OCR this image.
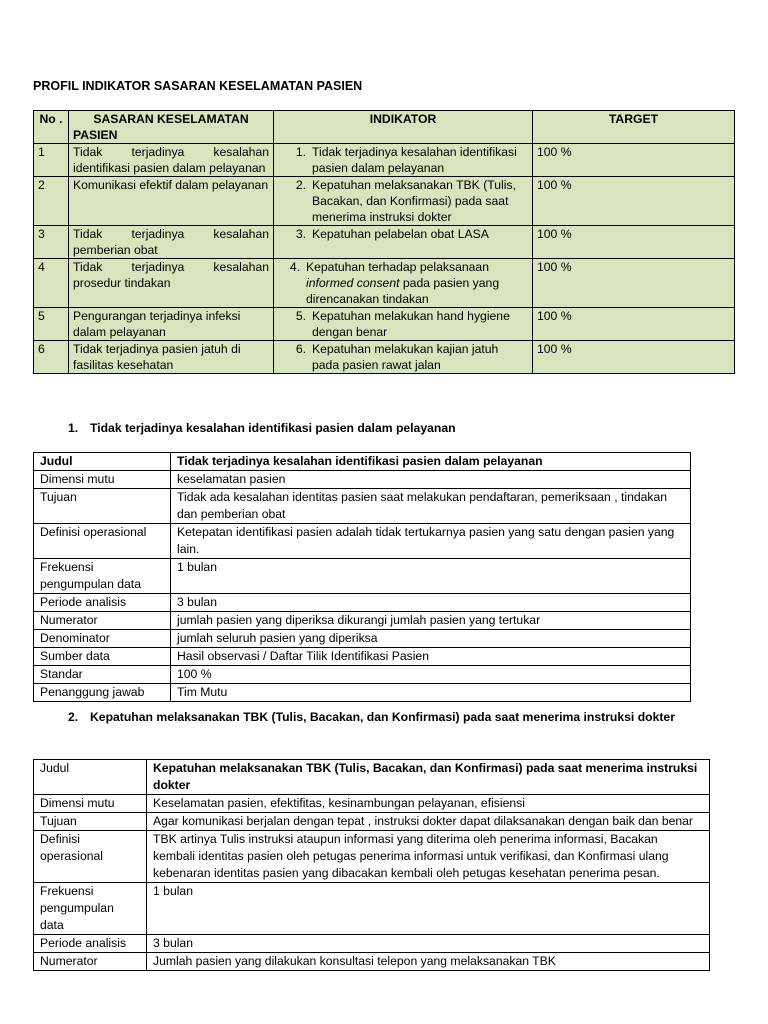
PROFIL INDIKATOR SASARAN KESELAMATAN PASIEN
No .	SASARAN KESELAMATAN PASIEN	INDIKATOR	TARGET
1	Tidak terjadinya kesalahan identifikasi pasien dalam pelayanan	1. Tidak terjadinya kesalahan identifikasi pasien dalam pelayanan	100 %
2	Komunikasi efektif dalam pelayanan	2. Kepatuhan melaksanakan TBK (Tulis, Bacakan, dan Konfirmasi) pada saat menerima instruksi dokter	100 %
3	Tidak terjadinya kesalahan pemberian obat	3. Kepatuhan pelabelan obat LASA	100 %
4	Tidak terjadinya kesalahan prosedur tindakan	4. Kepatuhan terhadap pelaksanaan informed consent pada pasien yang direncanakan tindakan	100 %
5	Pengurangan terjadinya infeksi dalam pelayanan	5. Kepatuhan melakukan hand hygiene dengan benar	100 %
6	Tidak terjadinya pasien jatuh di fasilitas kesehatan	6. Kepatuhan melakukan kajian jatuh pada pasien rawat jalan	100 %
1. Tidak terjadinya kesalahan identifikasi pasien dalam pelayanan
Judul	Tidak terjadinya kesalahan identifikasi pasien dalam pelayanan
Dimensi mutu	keselamatan pasien
Tujuan	Tidak ada kesalahan identitas pasien saat melakukan pendaftaran, pemeriksaan , tindakan dan pemberian obat
Definisi operasional	Ketepatan identifikasi pasien adalah tidak tertukarnya pasien yang satu dengan pasien yang lain.
Frekuensi pengumpulan data	1 bulan
Periode analisis	3 bulan
Numerator	jumlah pasien yang diperiksa dikurangi jumlah pasien yang tertukar
Denominator	jumlah seluruh pasien yang diperiksa
Sumber data	Hasil observasi / Daftar Tilik Identifikasi Pasien
Standar	100 %
Penanggung jawab	Tim Mutu
2. Kepatuhan melaksanakan TBK (Tulis, Bacakan, dan Konfirmasi) pada saat menerima instruksi dokter
Judul	Kepatuhan melaksanakan TBK (Tulis, Bacakan, dan Konfirmasi) pada saat menerima instruksi dokter
Dimensi mutu	Keselamatan pasien, efektifitas, kesinambungan pelayanan, efisiensi
Tujuan	Agar komunikasi berjalan dengan tepat , instruksi dokter dapat dilaksanakan dengan baik dan benar
Definisi operasional	TBK artinya Tulis instruksi ataupun informasi yang diterima oleh penerima informasi, Bacakan kembali identitas pasien oleh petugas penerima informasi untuk verifikasi, dan Konfirmasi ulang kebenaran identitas pasien yang dibacakan kembali oleh petugas kesehatan penerima pesan.
Frekuensi pengumpulan data	1 bulan
Periode analisis	3 bulan
Numerator	Jumlah pasien yang dilakukan konsultasi telepon yang melaksanakan TBK
